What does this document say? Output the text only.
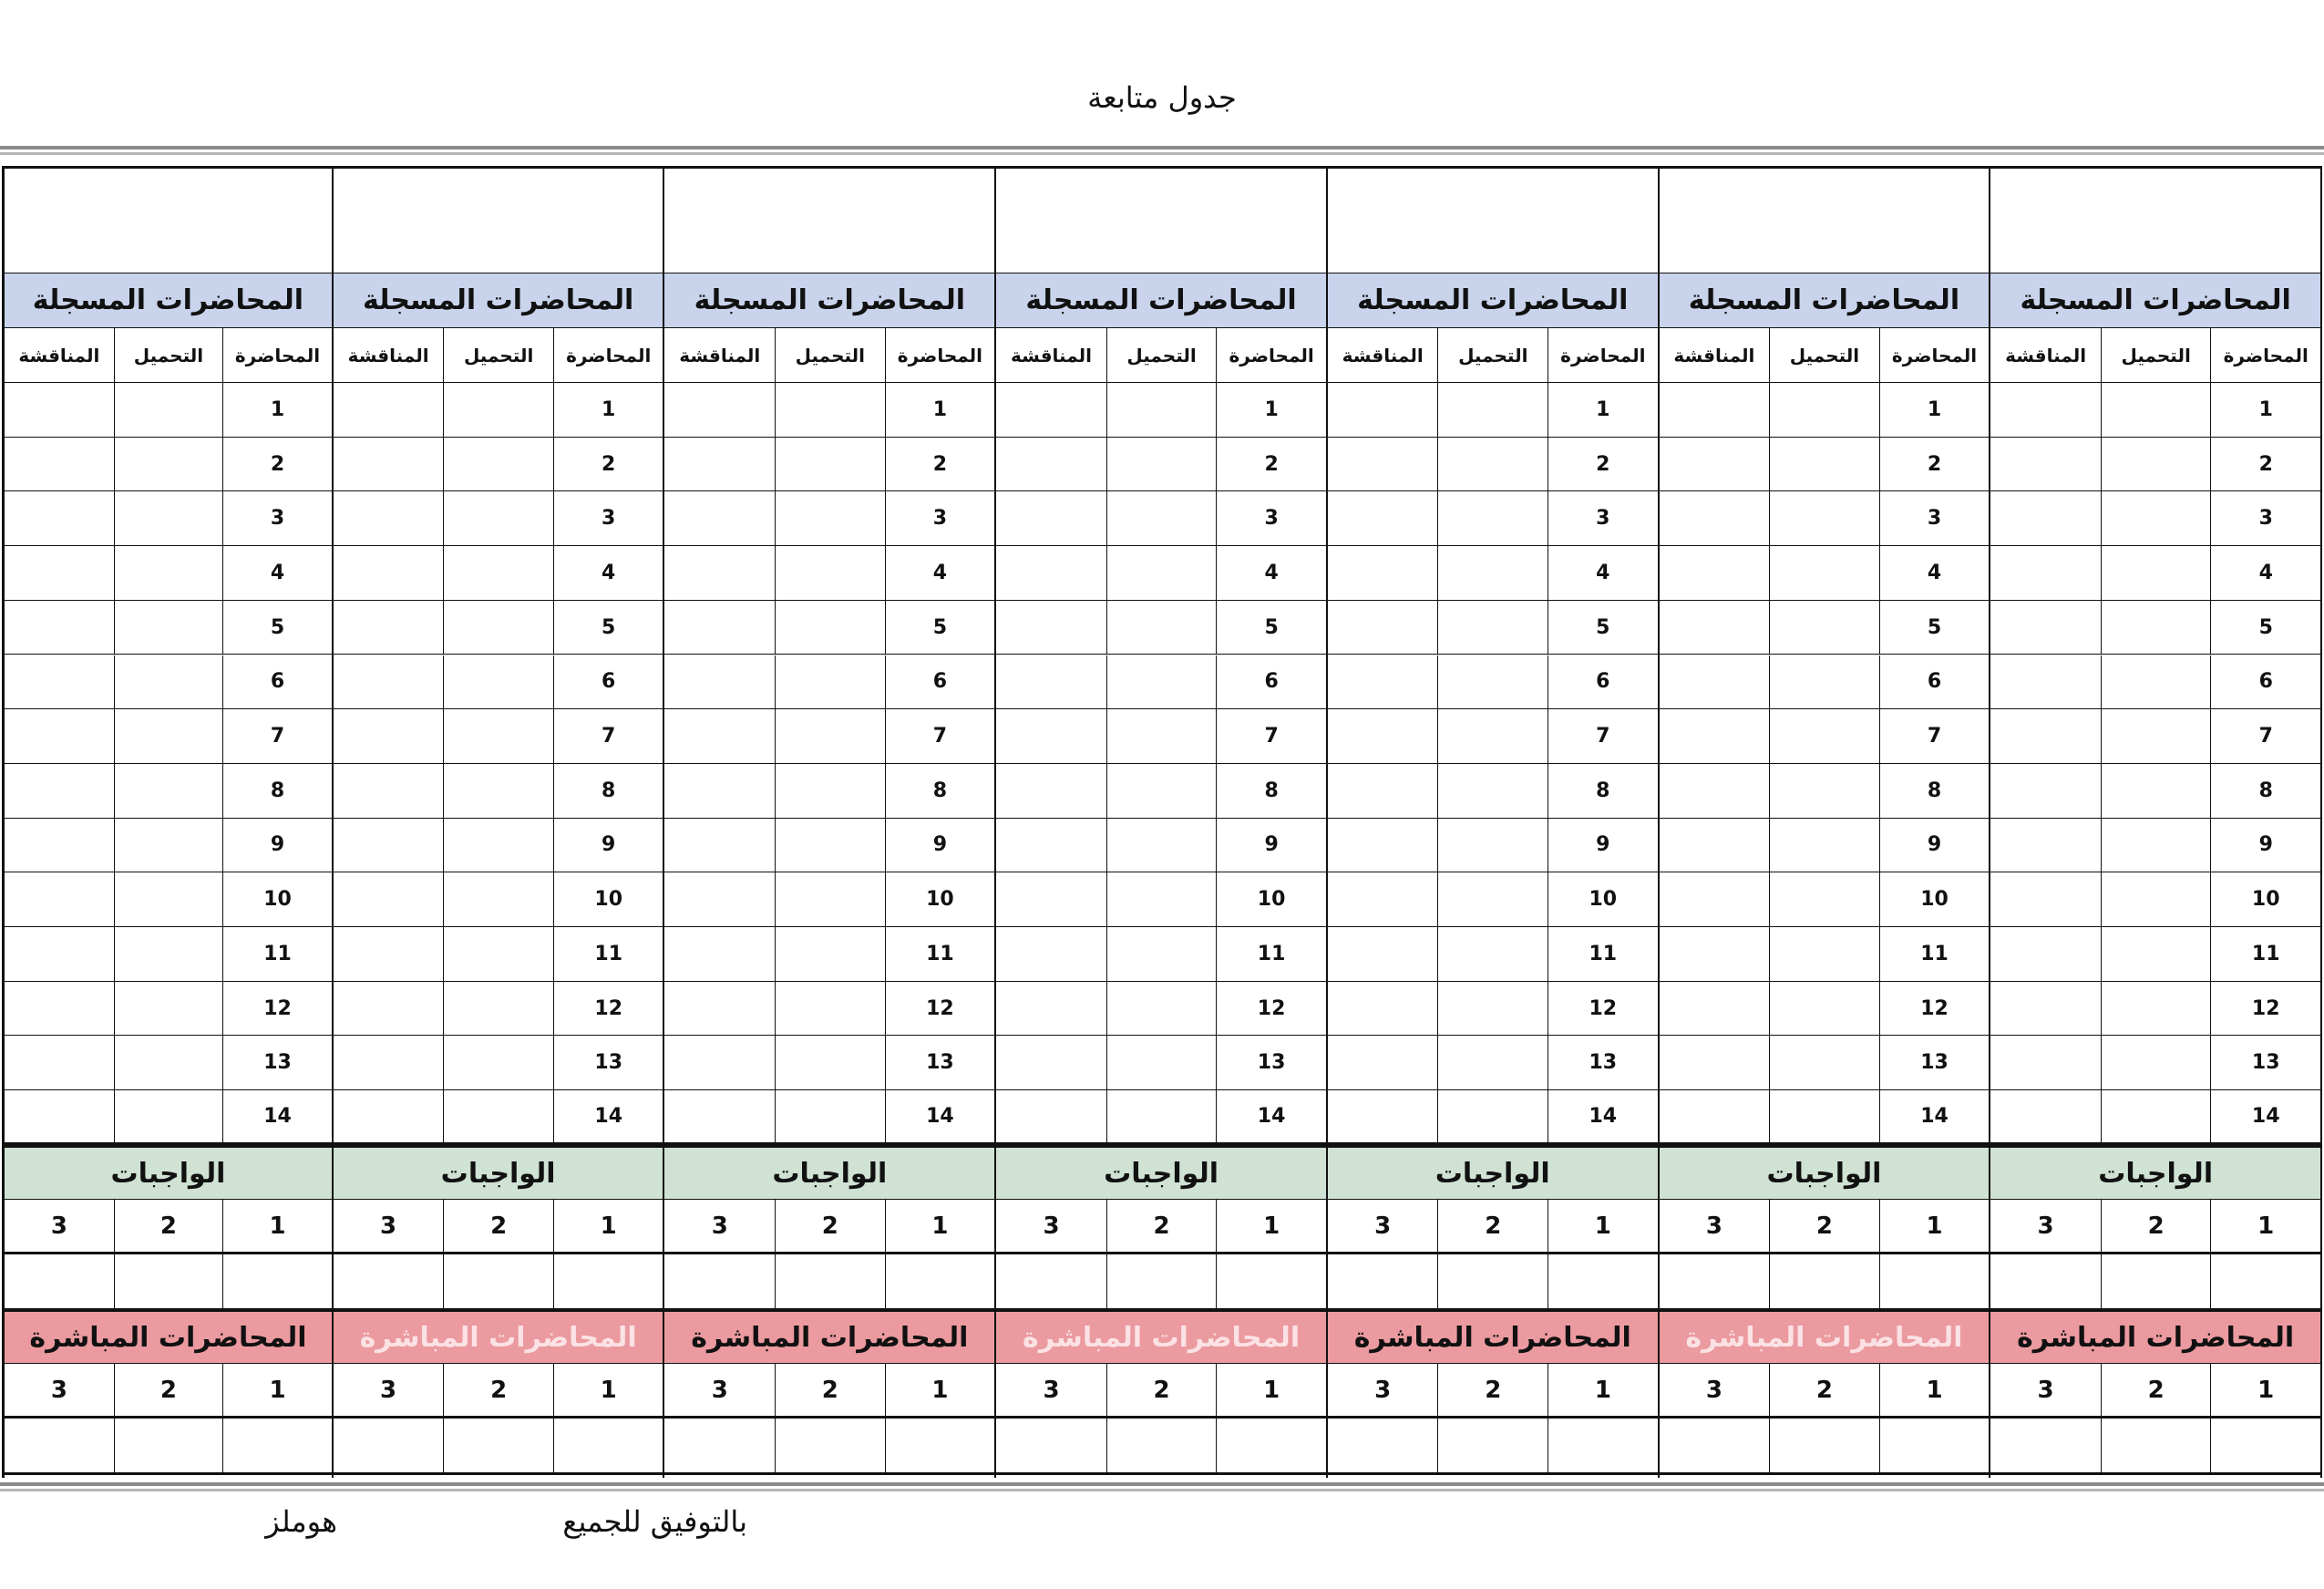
جدول متابعة
المحاضرات المسجلة
المحاضرة
التحميل
المناقشة
1
2
3
4
5
6
7
8
9
10
11
12
13
14
الواجبات
1
2
3
المحاضرات المباشرة
1
2
3
المحاضرات المسجلة
المحاضرة
التحميل
المناقشة
1
2
3
4
5
6
7
8
9
10
11
12
13
14
الواجبات
1
2
3
المحاضرات المباشرة
1
2
3
المحاضرات المسجلة
المحاضرة
التحميل
المناقشة
1
2
3
4
5
6
7
8
9
10
11
12
13
14
الواجبات
1
2
3
المحاضرات المباشرة
1
2
3
المحاضرات المسجلة
المحاضرة
التحميل
المناقشة
1
2
3
4
5
6
7
8
9
10
11
12
13
14
الواجبات
1
2
3
المحاضرات المباشرة
1
2
3
المحاضرات المسجلة
المحاضرة
التحميل
المناقشة
1
2
3
4
5
6
7
8
9
10
11
12
13
14
الواجبات
1
2
3
المحاضرات المباشرة
1
2
3
المحاضرات المسجلة
المحاضرة
التحميل
المناقشة
1
2
3
4
5
6
7
8
9
10
11
12
13
14
الواجبات
1
2
3
المحاضرات المباشرة
1
2
3
المحاضرات المسجلة
المحاضرة
التحميل
المناقشة
1
2
3
4
5
6
7
8
9
10
11
12
13
14
الواجبات
1
2
3
المحاضرات المباشرة
1
2
3
بالتوفيق للجميع
هوملز
